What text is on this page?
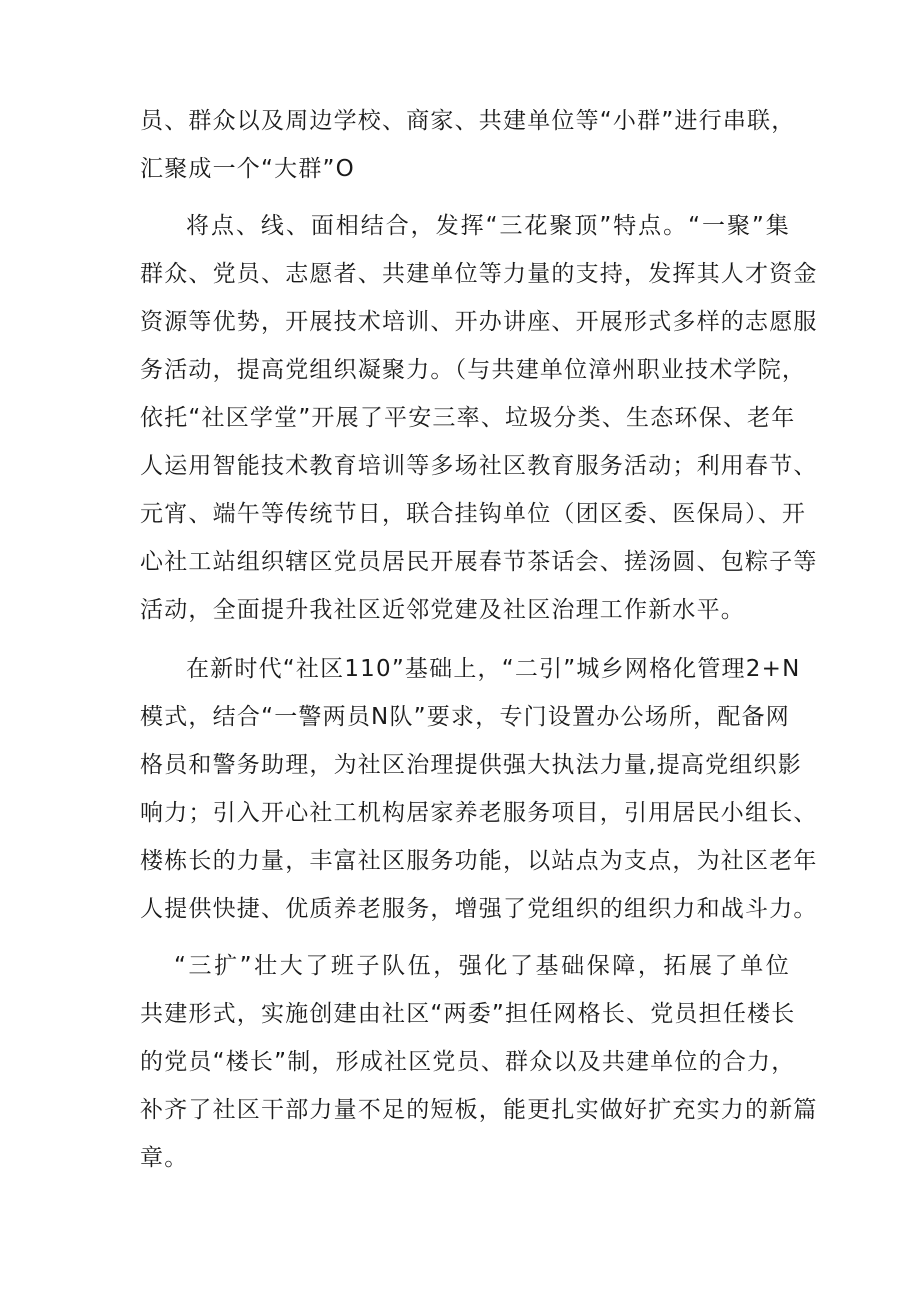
员、群众以及周边学校、商家、共建单位等“小群”进行串联，
汇聚成一个“大群”O
将点、线、面相结合，发挥“三花聚顶”特点。“一聚”集
群众、党员、志愿者、共建单位等力量的支持，发挥其人才资金
资源等优势，开展技术培训、开办讲座、开展形式多样的志愿服
务活动，提高党组织凝聚力。（与共建单位漳州职业技术学院，
依托“社区学堂”开展了平安三率、垃圾分类、生态环保、老年
人运用智能技术教育培训等多场社区教育服务活动；利用春节、
元宵、端午等传统节日，联合挂钩单位（团区委、医保局）、开
心社工站组织辖区党员居民开展春节茶话会、搓汤圆、包粽子等
活动，全面提升我社区近邻党建及社区治理工作新水平。
在新时代“社区110”基础上，“二引”城乡网格化管理2+N
模式，结合“一警两员N队”要求，专门设置办公场所，配备网
格员和警务助理，为社区治理提供强大执法力量,提高党组织影
响力；引入开心社工机构居家养老服务项目，引用居民小组长、
楼栋长的力量，丰富社区服务功能，以站点为支点，为社区老年
人提供快捷、优质养老服务，增强了党组织的组织力和战斗力。
“三扩”壮大了班子队伍，强化了基础保障，拓展了单位
共建形式，实施创建由社区“两委”担任网格长、党员担任楼长
的党员“楼长”制，形成社区党员、群众以及共建单位的合力，
补齐了社区干部力量不足的短板，能更扎实做好扩充实力的新篇
章。
